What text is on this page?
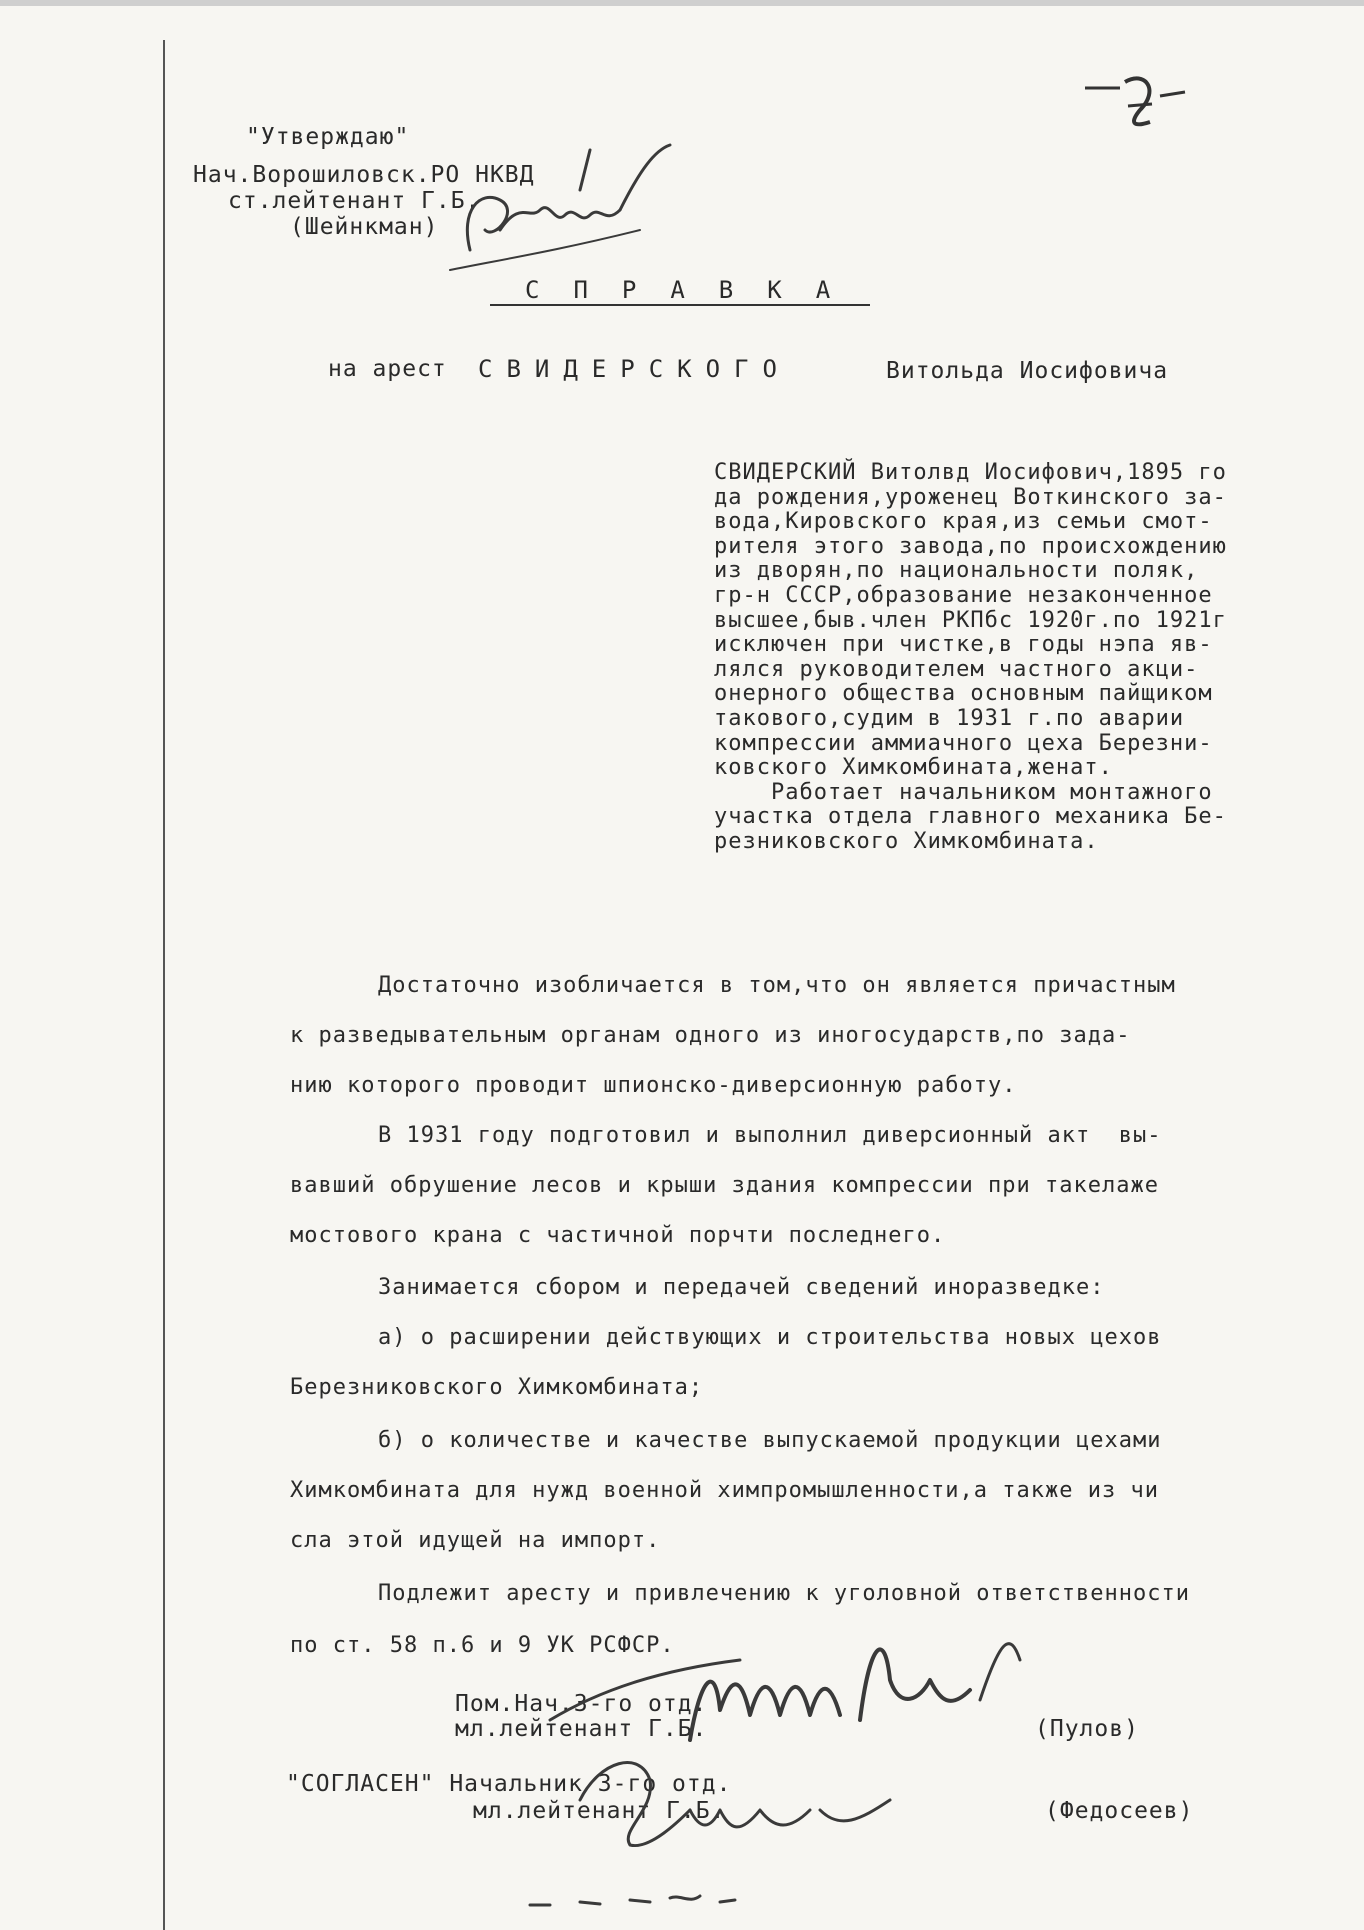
"Утверждаю"
Нач.Ворошиловск.РО НКВД
ст.лейтенант Г.Б.
(Шейнкман)
СПРАВКА
на арест СВИДЕРСКОГО	Витольда Иосифовича
СВИДЕРСКИЙ Витолвд Иосифович,1895 го
да рождения,уроженец Воткинского за-
вода,Кировского края,из семьи смот-
рителя этого завода,по происхождению
из дворян,по национальности поляк,
гр-н СССР,образование незаконченное
высшее,быв.член РКПбс 1920г.по 1921г
исключен при чистке,в годы нэпа яв-
лялся руководителем частного акци-
онерного общества основным пайщиком
такового,судим в 1931 г.по аварии
компрессии аммиачного цеха Березни-
ковского Химкомбината,женат.
Работает начальником монтажного
участка отдела главного механика Бе-
резниковского Химкомбината.
Достаточно изобличается в том,что он является причастным
к разведывательным органам одного из иногосударств,по зада-
нию которого проводит шпионско-диверсионную работу.
В 1931 году подготовил и выполнил диверсионный акт  вы-
вавший обрушение лесов и крыши здания компрессии при такелаже
мостового крана с частичной порчти последнего.
Занимается сбором и передачей сведений иноразведке:
а) о расширении действующих и строительства новых цехов
Березниковского Химкомбината;
б) о количестве и качестве выпускаемой продукции цехами
Химкомбината для нужд военной химпромышленности,а также из чи
сла этой идущей на импорт.
Подлежит аресту и привлечению к уголовной ответственности
по ст. 58 п.6 и 9 УК РСФСР.
Пом.Нач.3-го отд.
мл.лейтенант Г.Б.	(Пулов)
"СОГЛАСЕН" Начальник 3-го отд.
мл.лейтенант Г.Б.	(Федосеев)
